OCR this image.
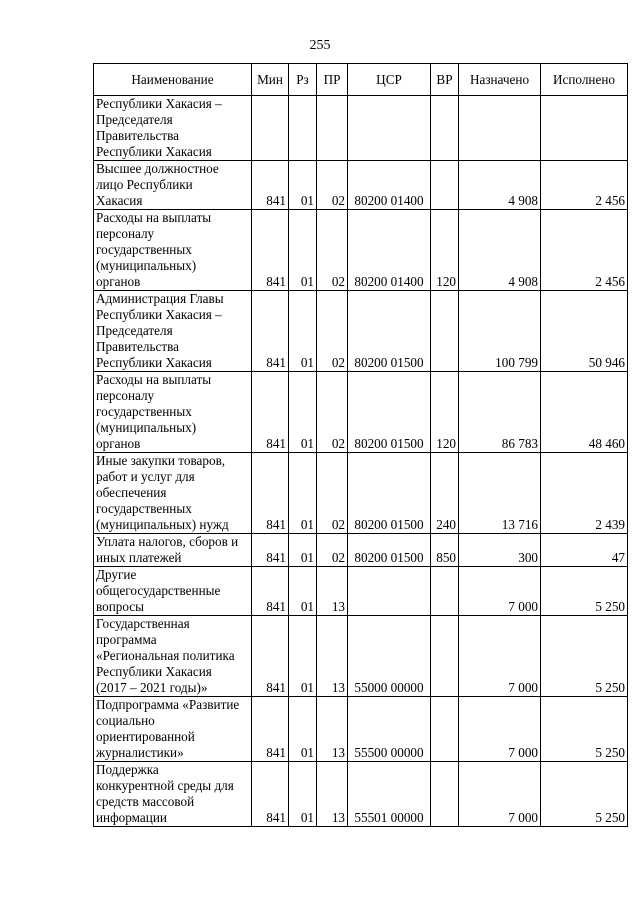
255
Наименование	Мин	Рз	ПР	ЦСР	ВР	Назначено	Исполнено
Республики Хакасия –
Председателя
Правительства
Республики Хакасия							
Высшее должностное
лицо Республики
Хакасия	841	01	02	80200 01400		4 908	2 456
Расходы на выплаты
персоналу
государственных
(муниципальных)
органов	841	01	02	80200 01400	120	4 908	2 456
Администрация Главы
Республики Хакасия –
Председателя
Правительства
Республики Хакасия	841	01	02	80200 01500		100 799	50 946
Расходы на выплаты
персоналу
государственных
(муниципальных)
органов	841	01	02	80200 01500	120	86 783	48 460
Иные закупки товаров,
работ и услуг для
обеспечения
государственных
(муниципальных) нужд	841	01	02	80200 01500	240	13 716	2 439
Уплата налогов, сборов и
иных платежей	841	01	02	80200 01500	850	300	47
Другие
общегосударственные
вопросы	841	01	13			7 000	5 250
Государственная
программа
«Региональная политика
Республики Хакасия
(2017 – 2021 годы)»	841	01	13	55000 00000		7 000	5 250
Подпрограмма «Развитие
социально
ориентированной
журналистики»	841	01	13	55500 00000		7 000	5 250
Поддержка
конкурентной среды для
средств массовой
информации	841	01	13	55501 00000		7 000	5 250
